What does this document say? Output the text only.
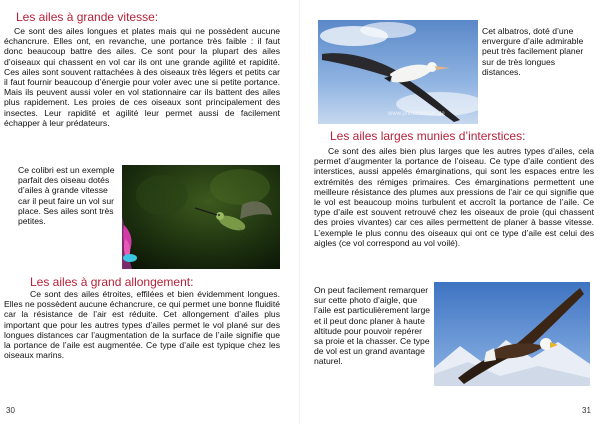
Les ailes à grande vitesse:

Ce sont des ailes longues et plates mais qui ne possèdent aucune échancrure. Elles ont, en revanche, une portance très faible : il faut donc beaucoup battre des ailes. Ce sont pour la plupart des ailes d’oiseaux qui chassent en vol car ils ont une grande agilité et rapidité. Ces ailes sont souvent rattachées à des oiseaux très légers et petits car il faut fournir beaucoup d’énergie pour voler avec une si petite portance. Mais ils peuvent aussi voler en vol stationnaire car ils battent des ailes plus rapidement. Les proies de ces oiseaux sont principalement des insectes. Leur rapidité et agilité leur permet aussi de facilement échapper à leur prédateurs.

Ce colibri est un exemple parfait des oiseau dotés d’ailes à grande vitesse car il peut faire un vol sur place. Ses ailes sont très petites.

Les ailes à grand allongement:

Ce sont des ailes étroites, effilées et bien évidemment longues. Elles ne possèdent aucune échancrure, ce qui permet une bonne fluidité car la résistance de l’air est réduite. Cet allongement d’ailes plus important que pour les autres types d’ailes permet le vol plané sur des longues distances car l’augmentation de la surface de l’aile signifie que la portance de l’aile est augmentée. Ce type d’aile est typique chez les oiseaux marins.

30
www.photomissen.de

Cet albatros, doté d’une envergure d’aile admirable peut très facilement planer sur de très longues distances.

Les ailes larges munies d’interstices:

Ce sont des ailes bien plus larges que les autres types d’ailes, cela permet d’augmenter la portance de l’oiseau. Ce type d’aile contient des interstices, aussi appelés émarginations, qui sont les espaces entre les extrémités des rémiges primaires. Ces émarginations permettent une meilleure résistance des plumes aux pressions de l’air ce qui signifie que le vol est beaucoup moins turbulent et accroît la portance de l’aile. Ce type d’aile est souvent retrouvé chez les oiseaux de proie (qui chassent des proies vivantes) car ces ailes permettent de planer à basse vitesse. L’exemple le plus connu des oiseaux qui ont ce type d’aile est celui des aigles (ce vol correspond au vol voilé).

On peut facilement remarquer sur cette photo d’aigle, que l’aile est particulièrement large et il peut donc planer à haute altitude pour pouvoir repérer sa proie et la chasser. Ce type de vol est un grand avantage naturel.

31
